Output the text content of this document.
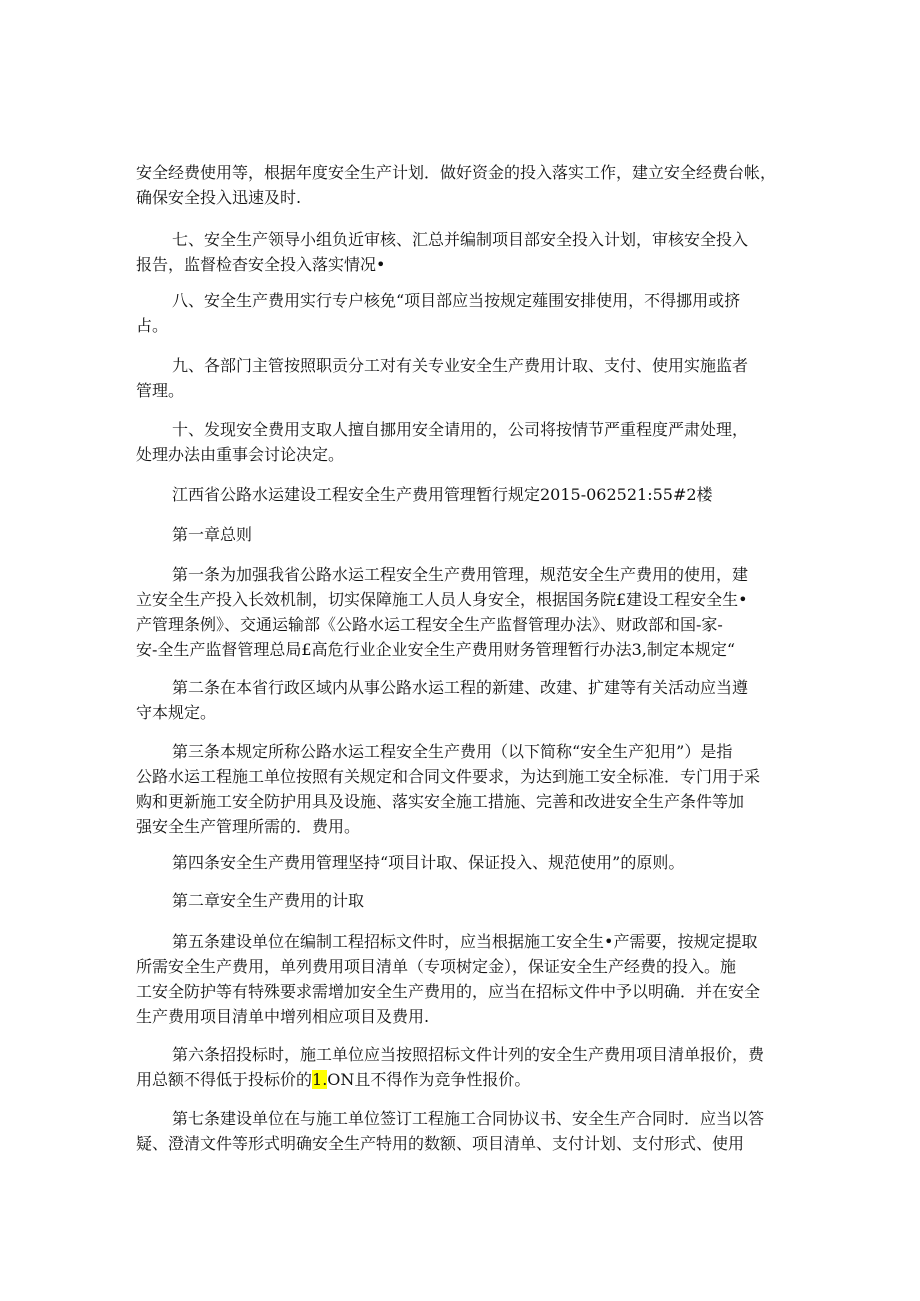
安全经费使用等，根据年度安全生产计划．做好资金的投入落实工作，建立安全经费台帐，
确保安全投入迅速及时.

七、安全生产领导小组负近审核、汇总并编制项目部安全投入计划，审核安全投入
报告，监督检杳安全投入落实情况•

八、安全生产费用实行专户核免“项目部应当按规定薤围安排使用，不得挪用或挤
占。

九、各部门主管按照职贡分工对有关专业安全生产费用计取、支付、使用实施监者
管理。

十、发现安全费用支取人擅自挪用安全请用的，公司将按情节严重程度严肃处理，
处理办法由重事会讨论决定。

江西省公路水运建设工程安全生产费用管理暂行规定2015-062521:55#2楼

第一章总则

第一条为加强我省公路水运工程安全生产费用管理，规范安全生产费用的使用，建
立安全生产投入长效机制，切实保障施工人员人身安全，根据国务院£建设工程安全生•
产管理条例》、交通运输部《公路水运工程安全生产监督管理办法》、财政部和国-家-
安-全生产监督管理总局£高危行业企业安全生产费用财务管理暂行办法3,制定本规定“

第二条在本省行政区域内从事公路水运工程的新建、改建、扩建等有关活动应当遵
守本规定。

第三条本规定所称公路水运工程安全生产费用（以下简称“安全生产犯用”）是指
公路水运工程施工单位按照有关规定和合同文件要求，为达到施工安全标准．专门用于采
购和更新施工安全防护用具及设施、落实安全施工措施、完善和改进安全生产条件等加
强安全生产管理所需的．费用。

第四条安全生产费用管理坚持“项目计取、保证投入、规范使用”的原则。

第二章安全生产费用的计取

第五条建设单位在编制工程招标文件时，应当根据施工安全生•产需要，按规定提取
所需安全生产费用，单列费用项目清单（专项树定金），保证安全生产经费的投入。施
工安全防护等有特殊要求需增加安全生产费用的，应当在招标文件中予以明确．并在安全
生产费用项目清单中增列相应项目及费用.

第六条招投标时，施工单位应当按照招标文件计列的安全生产费用项目清单报价，费
用总额不得低于投标价的1.ON且不得作为竞争性报价。

第七条建设单位在与施工单位签订工程施工合同协议书、安全生产合同时．应当以答
疑、澄清文件等形式明确安全生产特用的数额、项目清单、支付计划、支付形式、使用
